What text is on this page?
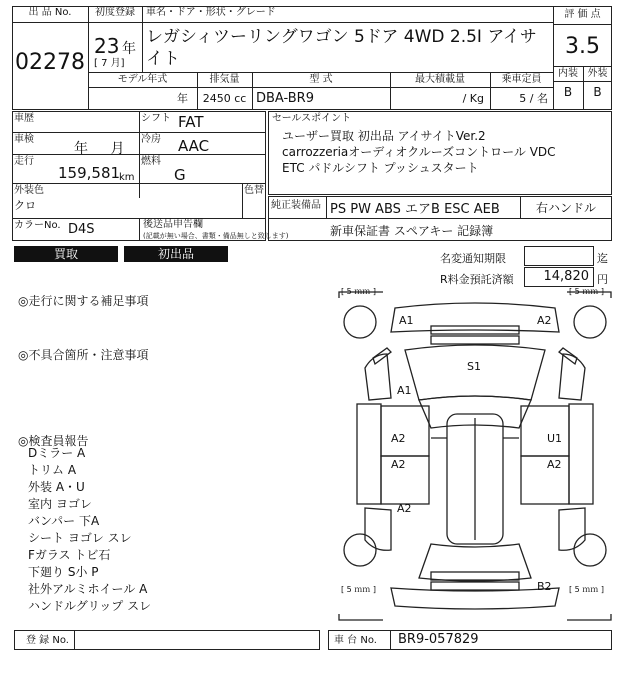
出 品 No.
02278
初度登録
23 年
[ 7 月]
車名・ドア・形状・グレード
レガシィツーリングワゴン 5ドア 4WD 2.5I アイサイト
評 価 点
3.5
内装 外装
B	B
モデル年式	排気量	型 式	最大積載量	乗車定員
年	2450 cc DBA-BR9	/ Kg	5 / 名
車歴
車検
年 月
走行
159,581
km
シフト FAT
冷房 AAC
燃料
G
外装色
クロ
色替
カラーNo. D4S	後送品申告欄
(記載が無い場合、書類・備品無しと致します)
セールスポイント
ユーザー買取 初出品 アイサイトVer.2
carrozzeriaオーディオクルーズコントロール VDC
ETC パドルシフト プッシュスタート
純正装備品 PS PW ABS エアB ESC AEB	右ハンドル
新車保証書 スペアキー 記録簿
買取	初出品	名変通知期限	迄
R料金預託済額	14,820 円
◎走行に関する補足事項
◎不具合箇所・注意事項
◎検査員報告
Dミラー A
トリム A
外装 A・U
室内 ヨゴレ
バンパー 下A
シート ヨゴレ スレ
Fガラス トビ石
下廻り S小 P
社外アルミホイール A
ハンドルグリップ スレ
[ 5 ｍｍ ]	[ 5 ｍｍ ]
[ 5 ｍｍ ]	[ 5 ｍｍ ]
A1	A2
S1
A1
A2	U1
A2	A2
A2
B2
登 録 No.	車 台 No. BR9-057829
